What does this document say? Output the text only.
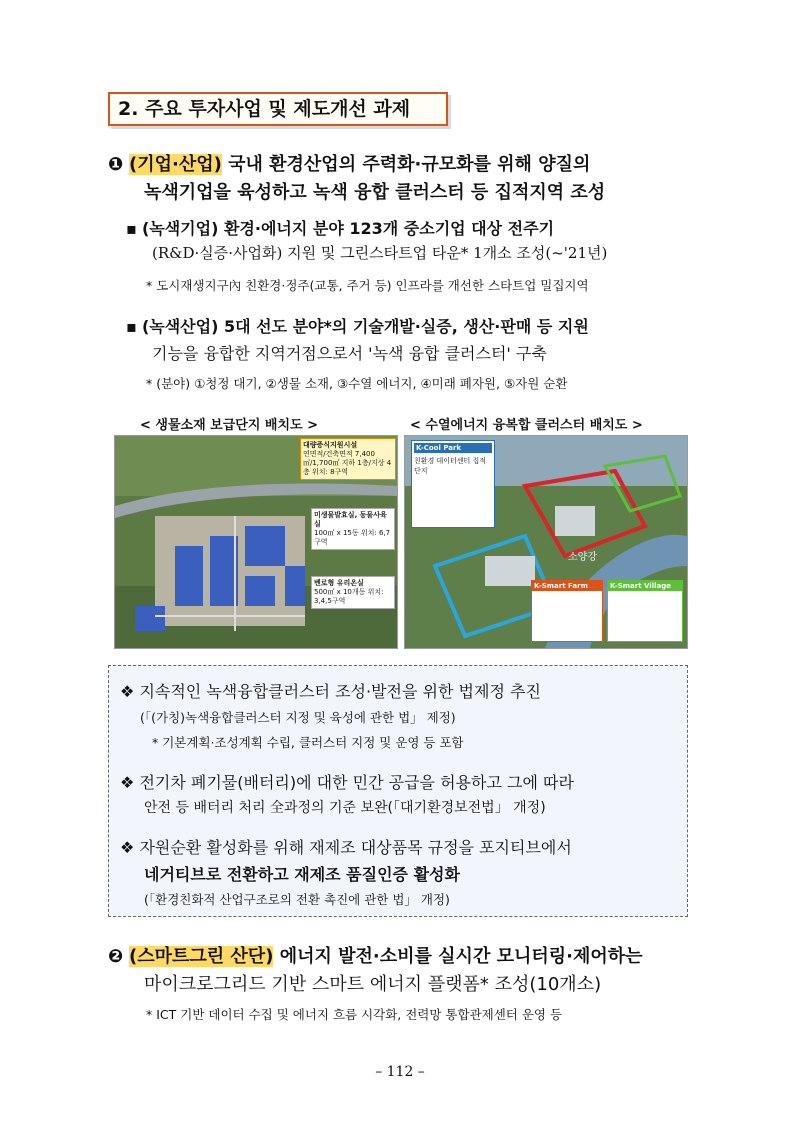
2. 주요 투자사업 및 제도개선 과제
❶ (기업·산업) 국내 환경산업의 주력화·규모화를 위해 양질의
녹색기업을 육성하고 녹색 융합 클러스터 등 집적지역 조성
▪ (녹색기업) 환경·에너지 분야 123개 중소기업 대상 전주기
(R&D·실증·사업화) 지원 및 그린스타트업 타운* 1개소 조성(~'21년)
* 도시재생지구內 친환경·정주(교통, 주거 등) 인프라를 개선한 스타트업 밀집지역
▪ (녹색산업) 5대 선도 분야*의 기술개발·실증, 생산·판매 등 지원
기능을 융합한 지역거점으로서 '녹색 융합 클러스터' 구축
* (분야) ①청정 대기, ②생물 소재, ③수열 에너지, ④미래 폐자원, ⑤자원 순환
< 생물소재 보급단지 배치도 >	< 수열에너지 융복합 클러스터 배치도 >
대량증식지원시설
연면적/건축면적 7,400㎡/1,700㎡ 지하 1층/지상 4층 위치: 8구역
미생물발효실, 동물사육실
100㎡ x 15동 위치: 6,7구역
벤로형 유리온실
500㎡ x 10개동 위치: 3,4,5구역
K-Cool Park
친환경 데이터센터 집적단지
소양강
K-Smart Farm	K-Smart Village
❖ 지속적인 녹색융합클러스터 조성·발전을 위한 법제정 추진
(「(가칭)녹색융합클러스터 지정 및 육성에 관한 법」 제정)
* 기본계획·조성계획 수립, 클러스터 지정 및 운영 등 포함
❖ 전기차 폐기물(배터리)에 대한 민간 공급을 허용하고 그에 따라
안전 등 배터리 처리 全과정의 기준 보완(「대기환경보전법」 개정)
❖ 자원순환 활성화를 위해 재제조 대상품목 규정을 포지티브에서
네거티브로 전환하고 재제조 품질인증 활성화
(「환경친화적 산업구조로의 전환 촉진에 관한 법」 개정)
❷ (스마트그린 산단) 에너지 발전·소비를 실시간 모니터링·제어하는
마이크로그리드 기반 스마트 에너지 플랫폼* 조성(10개소)
* ICT 기반 데이터 수집 및 에너지 흐름 시각화, 전력망 통합관제센터 운영 등
– 112 –
